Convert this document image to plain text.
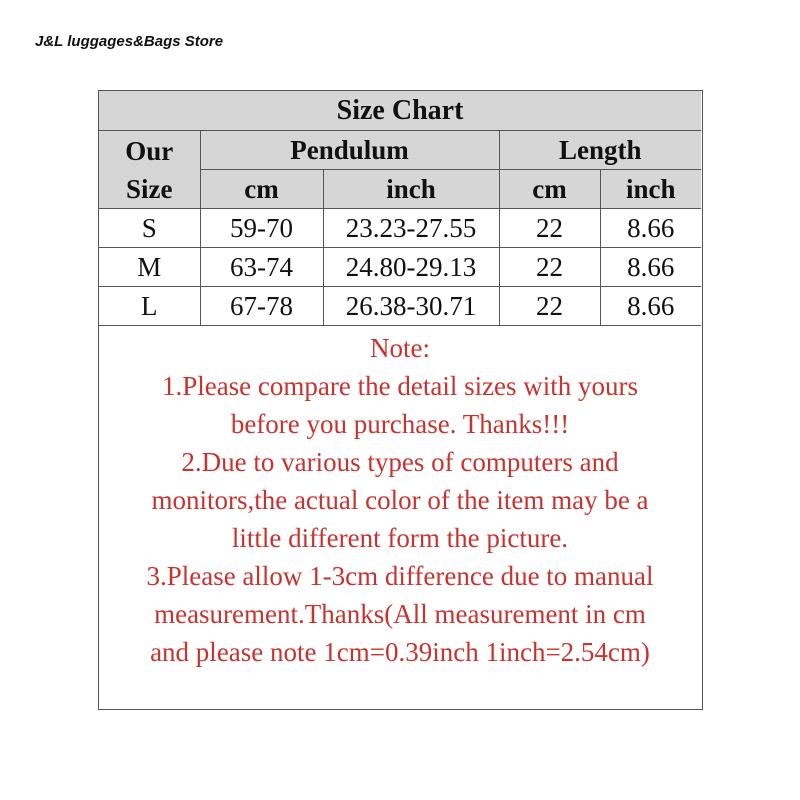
J&L luggages&Bags Store
Size Chart				

Our
Size	Pendulum		Length	
	cm	inch	cm	inch
S	59-70	23.23-27.55	22	8.66
M	63-74	24.80-29.13	22	8.66
L	67-78	26.38-30.71	22	8.66
Note:
1.Please compare the detail sizes with yours
before you purchase. Thanks!!!
2.Due to various types of computers and
monitors,the actual color of the item may be a
little different form the picture.
3.Please allow 1-3cm difference due to manual
measurement.Thanks(All measurement in cm
and please note 1cm=0.39inch 1inch=2.54cm)
